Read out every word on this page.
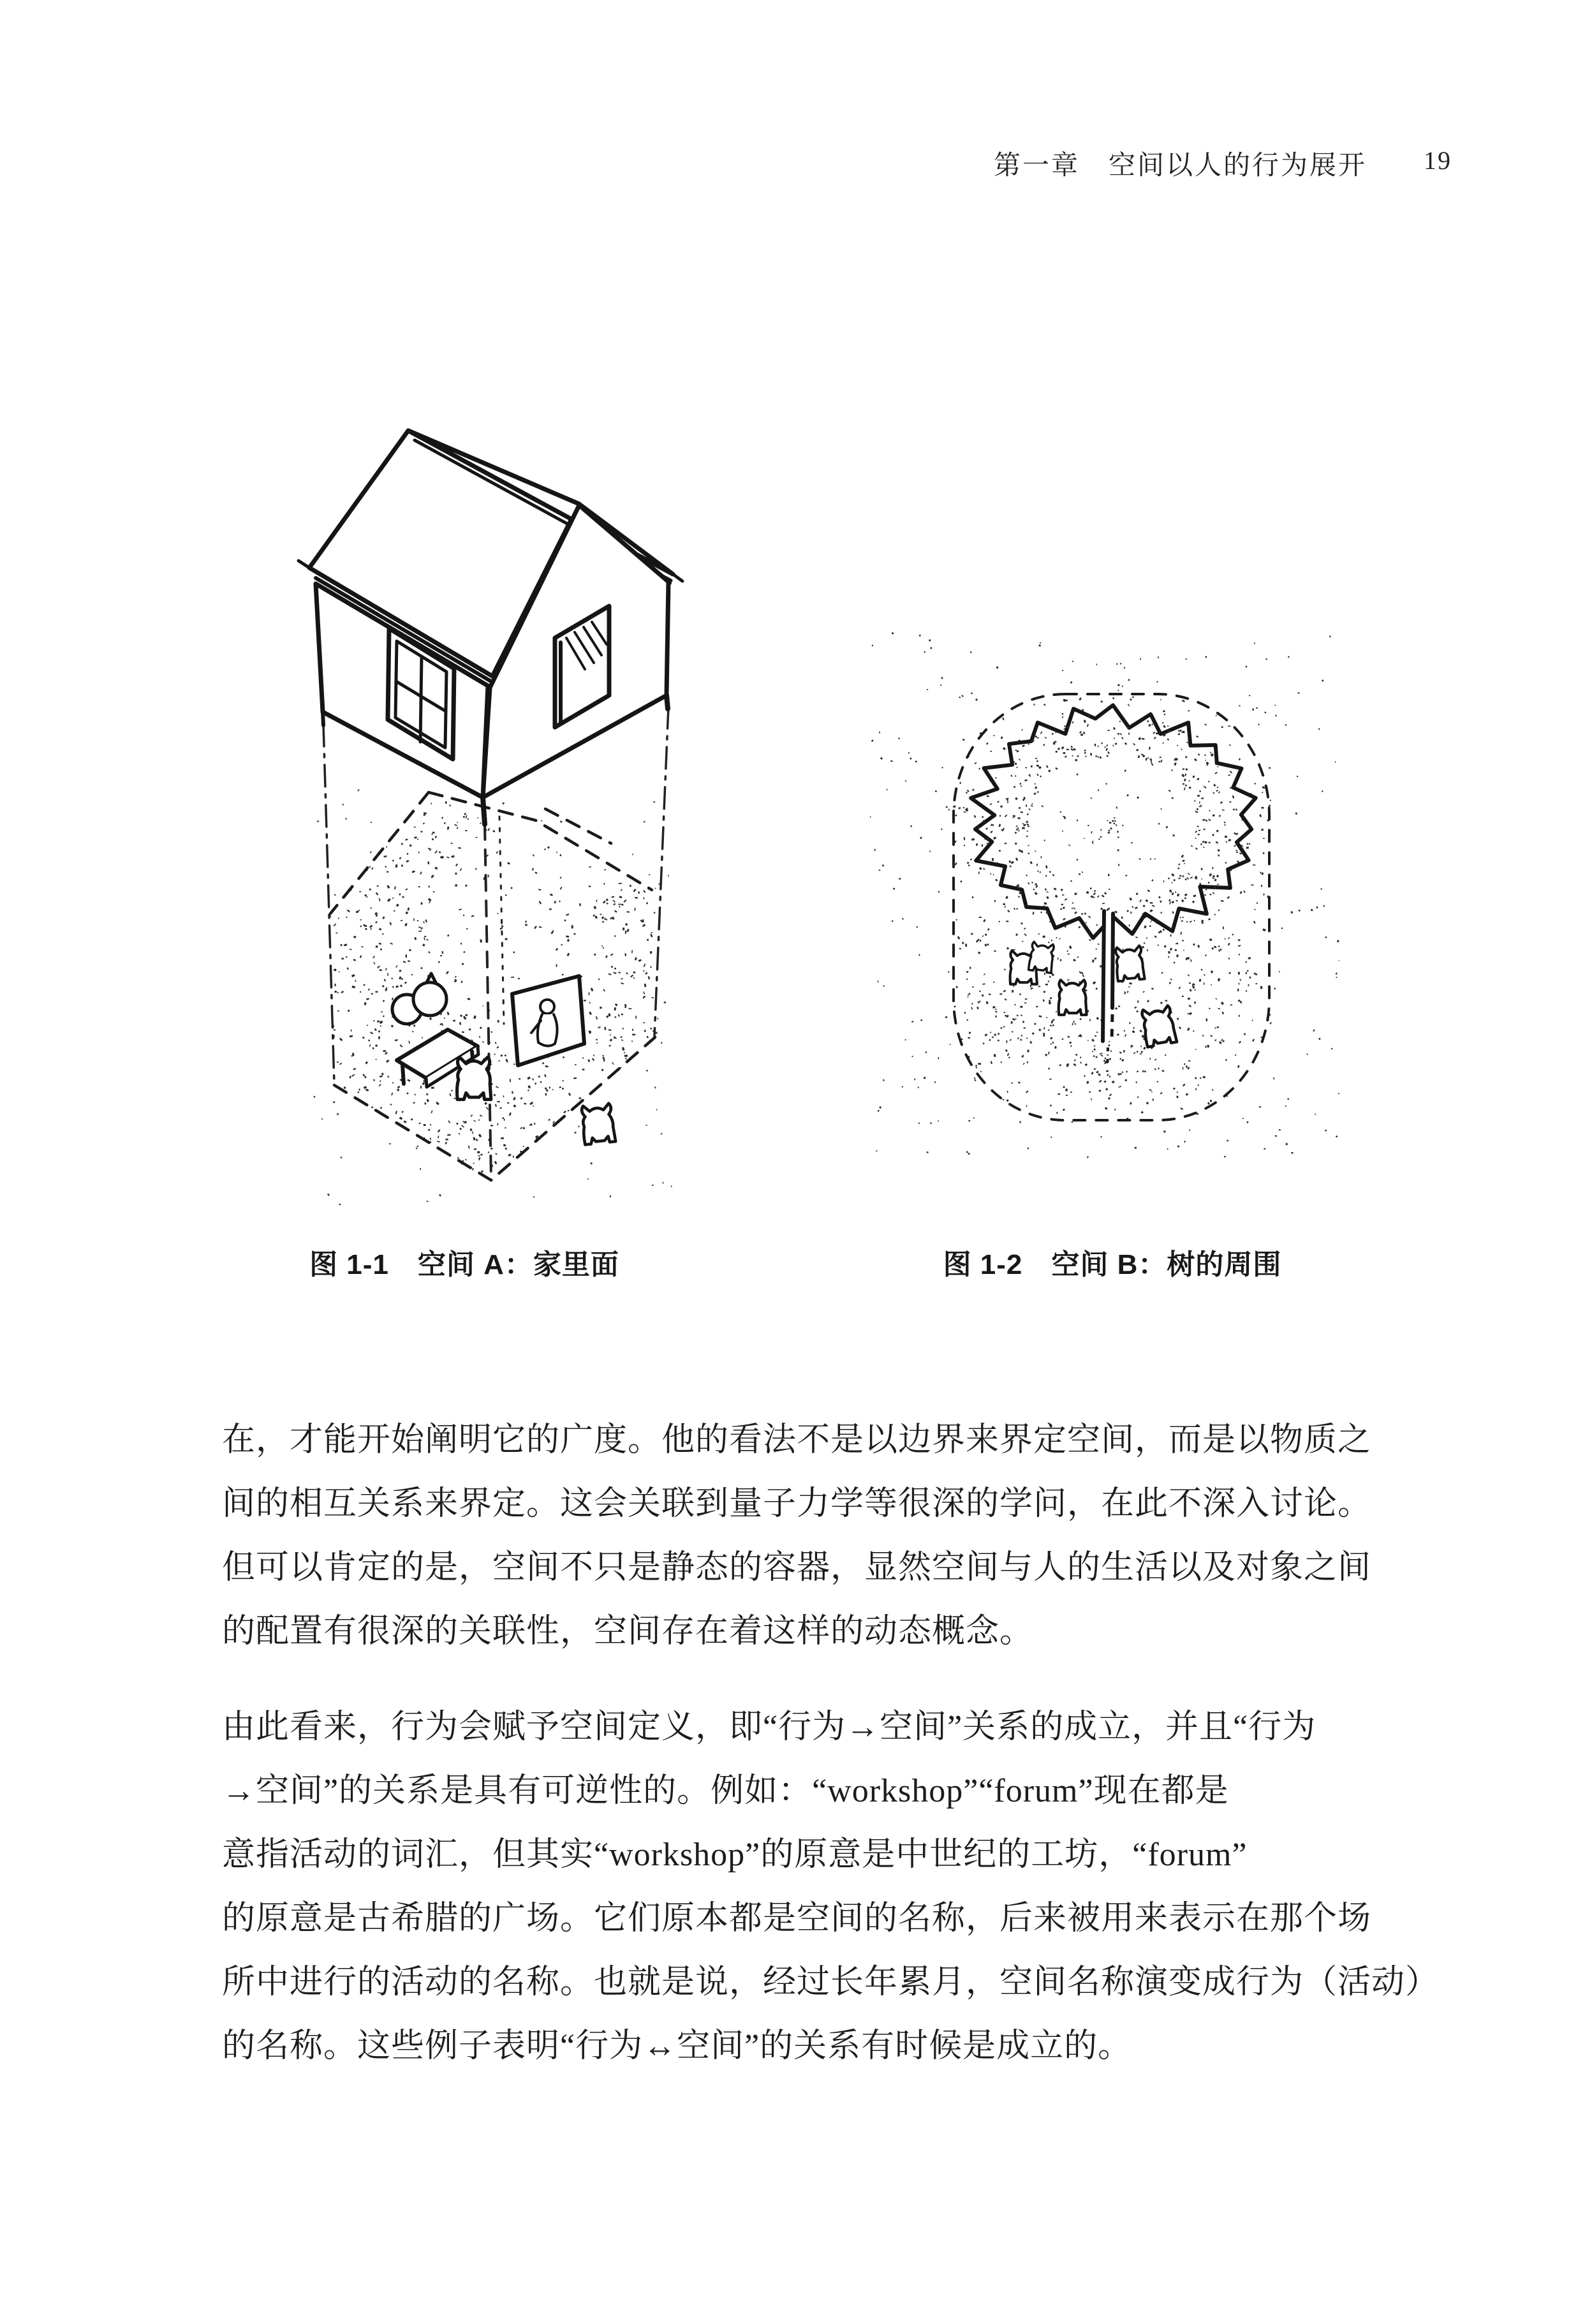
第一章　空间以人的行为展开 19
图 1-1　空间 A：家里面	图 1-2　空间 B：树的周围
在，才能开始阐明它的广度。他的看法不是以边界来界定空间，而是以物质之
间的相互关系来界定。这会关联到量子力学等很深的学问，在此不深入讨论。
但可以肯定的是，空间不只是静态的容器，显然空间与人的生活以及对象之间
的配置有很深的关联性，空间存在着这样的动态概念。
由此看来，行为会赋予空间定义，即“行为→空间”关系的成立，并且“行为
→空间”的关系是具有可逆性的。例如：“workshop”“forum”现在都是
意指活动的词汇，但其实“workshop”的原意是中世纪的工坊，“forum”
的原意是古希腊的广场。它们原本都是空间的名称，后来被用来表示在那个场
所中进行的活动的名称。也就是说，经过长年累月，空间名称演变成行为（活动）
的名称。这些例子表明“行为↔空间”的关系有时候是成立的。
